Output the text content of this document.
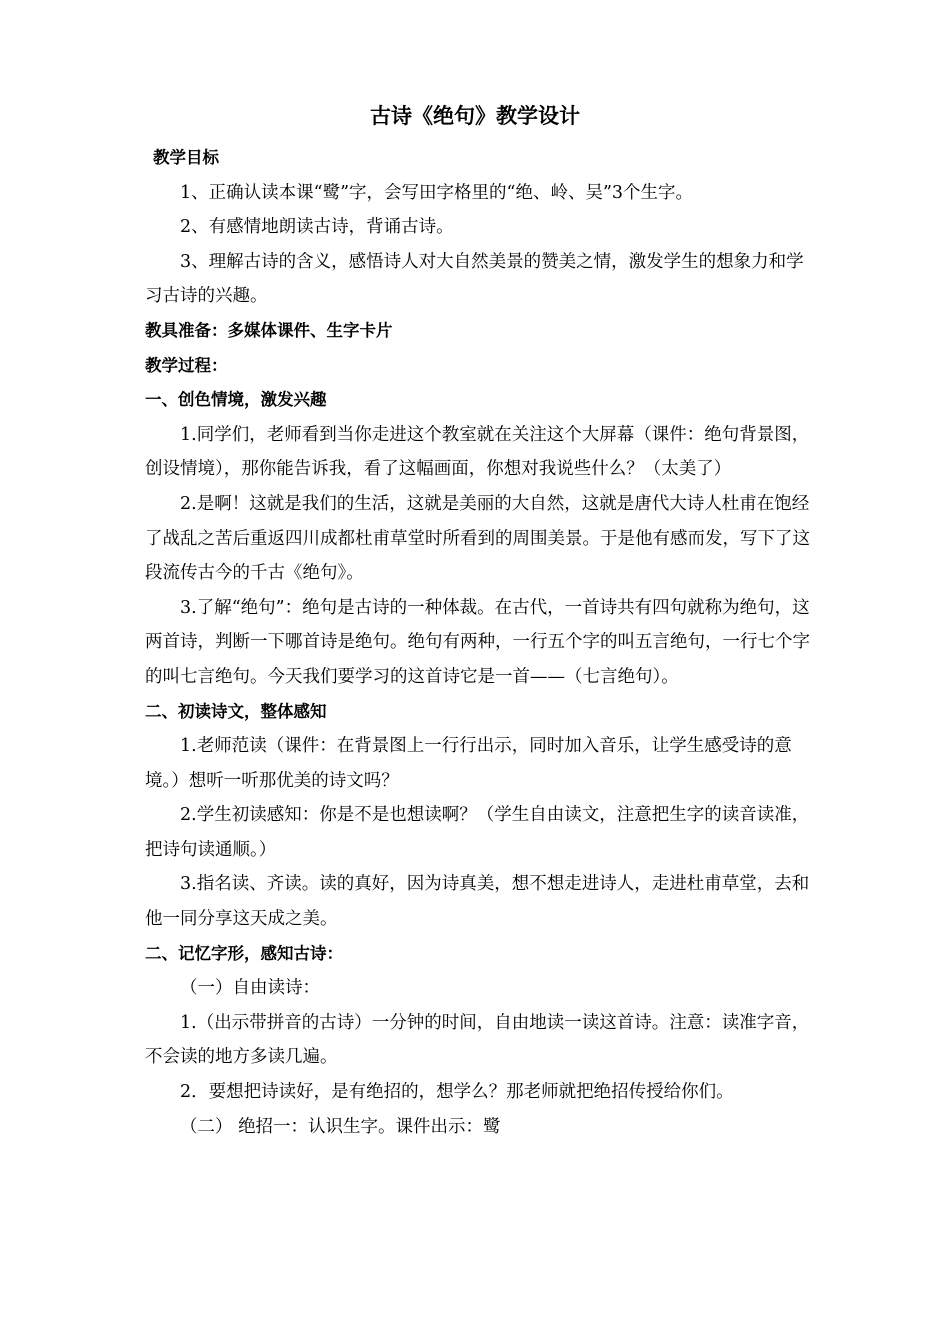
古诗《绝句》教学设计

教学目标

1、正确认读本课“鹭”字，会写田字格里的“绝、岭、吴”3个生字。

2、有感情地朗读古诗，背诵古诗。

3、理解古诗的含义，感悟诗人对大自然美景的赞美之情，激发学生的想象力和学习古诗的兴趣。

教具准备：多媒体课件、生字卡片

教学过程：

一、创色情境，激发兴趣

1.同学们，老师看到当你走进这个教室就在关注这个大屏幕（课件：绝句背景图，创设情境），那你能告诉我，看了这幅画面，你想对我说些什么？（太美了）

2.是啊！这就是我们的生活，这就是美丽的大自然，这就是唐代大诗人杜甫在饱经了战乱之苦后重返四川成都杜甫草堂时所看到的周围美景。于是他有感而发，写下了这段流传古今的千古《绝句》。

3.了解“绝句”：绝句是古诗的一种体裁。在古代，一首诗共有四句就称为绝句，这两首诗，判断一下哪首诗是绝句。绝句有两种，一行五个字的叫五言绝句，一行七个字的叫七言绝句。今天我们要学习的这首诗它是一首——（七言绝句）。

二、初读诗文，整体感知

1.老师范读（课件：在背景图上一行行出示，同时加入音乐，让学生感受诗的意境。）想听一听那优美的诗文吗？

2.学生初读感知：你是不是也想读啊？（学生自由读文，注意把生字的读音读准，把诗句读通顺。）

3.指名读、齐读。读的真好，因为诗真美，想不想走进诗人，走进杜甫草堂，去和他一同分享这天成之美。

二、记忆字形，感知古诗：

（一）自由读诗：

1.（出示带拼音的古诗）一分钟的时间，自由地读一读这首诗。注意：读准字音，不会读的地方多读几遍。

2．要想把诗读好，是有绝招的，想学么？那老师就把绝招传授给你们。

（二） 绝招一：认识生字。课件出示：鹭
